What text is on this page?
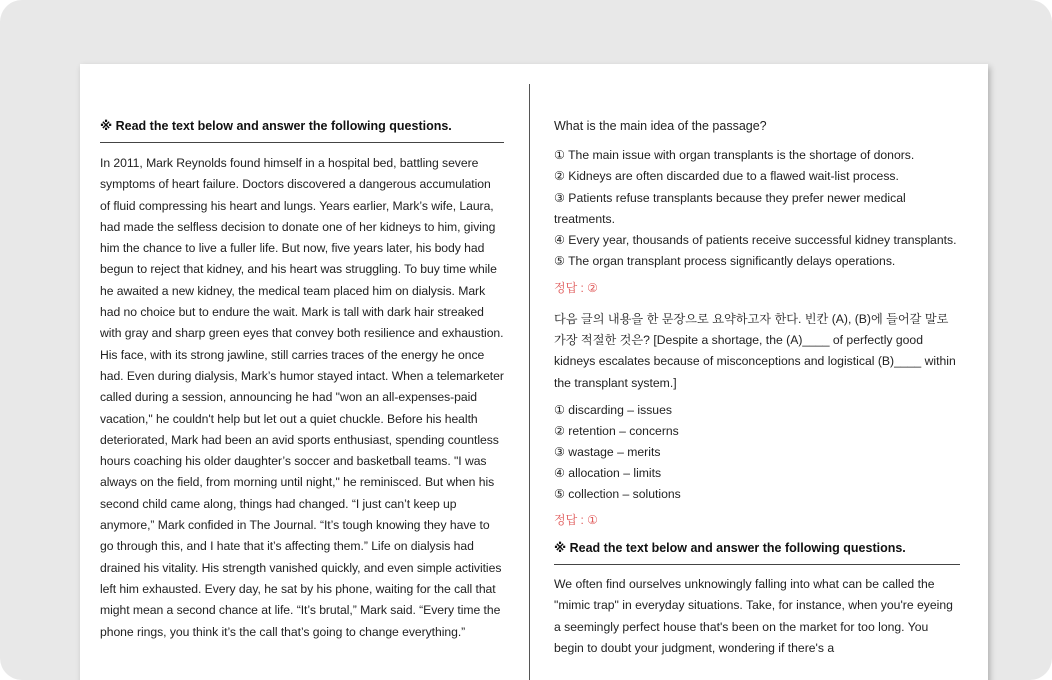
※ Read the text below and answer the following questions.
In 2011, Mark Reynolds found himself in a hospital bed, battling severe symptoms of heart failure. Doctors discovered a dangerous accumulation of fluid compressing his heart and lungs. Years earlier, Mark’s wife, Laura, had made the selfless decision to donate one of her kidneys to him, giving him the chance to live a fuller life. But now, five years later, his body had begun to reject that kidney, and his heart was struggling. To buy time while he awaited a new kidney, the medical team placed him on dialysis. Mark had no choice but to endure the wait. Mark is tall with dark hair streaked with gray and sharp green eyes that convey both resilience and exhaustion. His face, with its strong jawline, still carries traces of the energy he once had. Even during dialysis, Mark’s humor stayed intact. When a telemarketer called during a session, announcing he had "won an all-expenses-paid vacation," he couldn't help but let out a quiet chuckle. Before his health deteriorated, Mark had been an avid sports enthusiast, spending countless hours coaching his older daughter’s soccer and basketball teams. "I was always on the field, from morning until night," he reminisced. But when his second child came along, things had changed. “I just can’t keep up anymore,” Mark confided in The Journal. “It’s tough knowing they have to go through this, and I hate that it’s affecting them.” Life on dialysis had drained his vitality. His strength vanished quickly, and even simple activities left him exhausted. Every day, he sat by his phone, waiting for the call that might mean a second chance at life. “It’s brutal,” Mark said. “Every time the phone rings, you think it’s the call that’s going to change everything.”
What is the main idea of the passage?
① The main issue with organ transplants is the shortage of donors.
② Kidneys are often discarded due to a flawed wait-list process.
③ Patients refuse transplants because they prefer newer medical treatments.
④ Every year, thousands of patients receive successful kidney transplants.
⑤ The organ transplant process significantly delays operations.
정답 : ②
다음 글의 내용을 한 문장으로 요약하고자 한다. 빈칸 (A), (B)에 들어갈 말로 가장 적절한 것은? [Despite a shortage, the (A)____ of perfectly good kidneys escalates because of misconceptions and logistical (B)____ within the transplant system.]
① discarding – issues
② retention – concerns
③ wastage – merits
④ allocation – limits
⑤ collection – solutions
정답 : ①
※ Read the text below and answer the following questions.
We often find ourselves unknowingly falling into what can be called the "mimic trap" in everyday situations. Take, for instance, when you're eyeing a seemingly perfect house that's been on the market for too long. You begin to doubt your judgment, wondering if there's a
